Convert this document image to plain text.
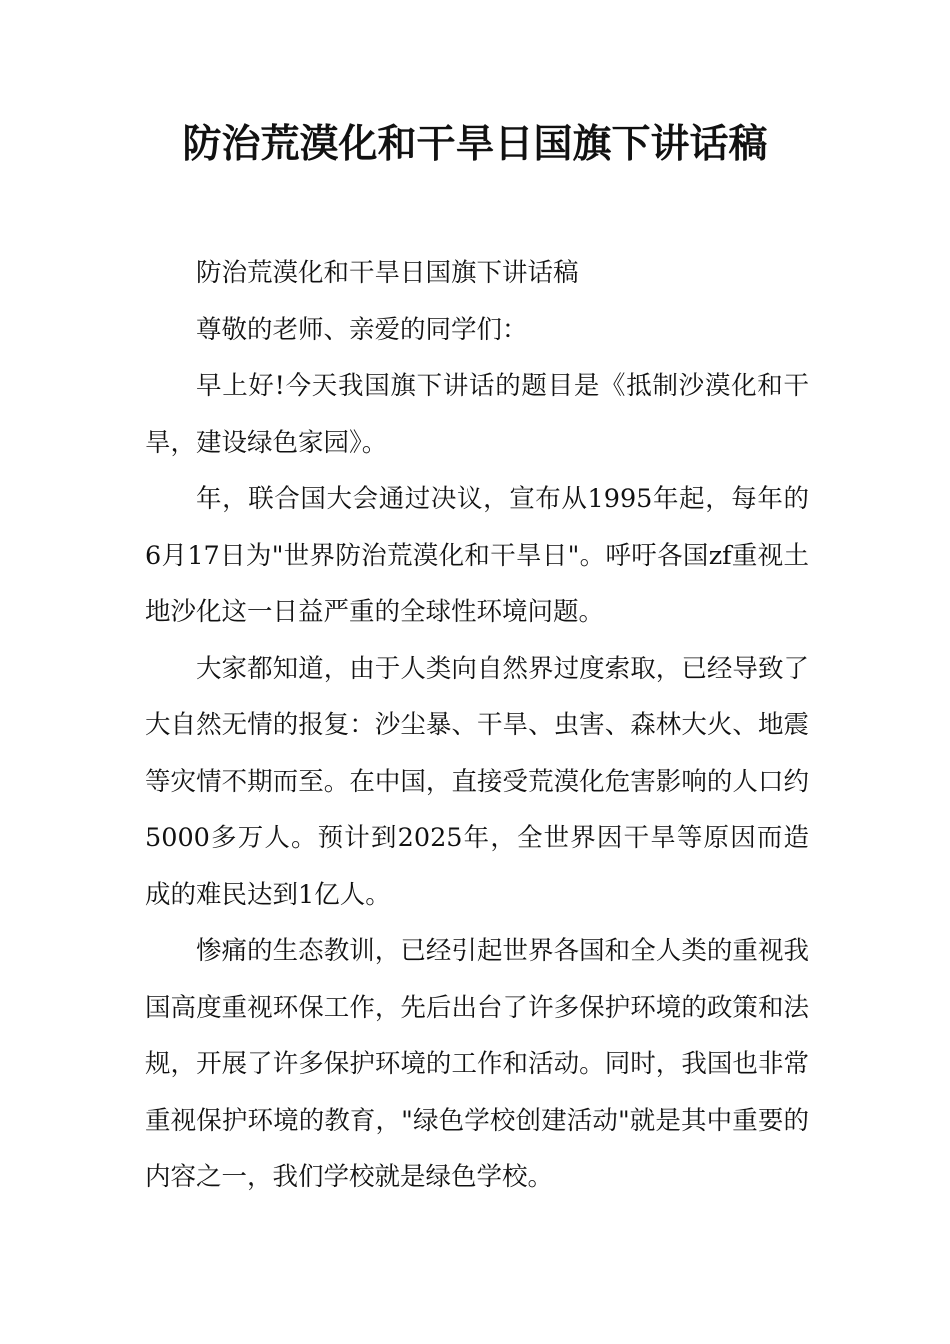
防治荒漠化和干旱日国旗下讲话稿

防治荒漠化和干旱日国旗下讲话稿

尊敬的老师、亲爱的同学们：

早上好!今天我国旗下讲话的题目是《抵制沙漠化和干旱，建设绿色家园》。

年，联合国大会通过决议，宣布从1995年起，每年的6月17日为"世界防治荒漠化和干旱日"。呼吁各国zf重视土地沙化这一日益严重的全球性环境问题。

大家都知道，由于人类向自然界过度索取，已经导致了大自然无情的报复：沙尘暴、干旱、虫害、森林大火、地震等灾情不期而至。在中国，直接受荒漠化危害影响的人口约5000多万人。预计到2025年，全世界因干旱等原因而造成的难民达到1亿人。

惨痛的生态教训，已经引起世界各国和全人类的重视我国高度重视环保工作，先后出台了许多保护环境的政策和法规，开展了许多保护环境的工作和活动。同时，我国也非常重视保护环境的教育，"绿色学校创建活动"就是其中重要的内容之一，我们学校就是绿色学校。
